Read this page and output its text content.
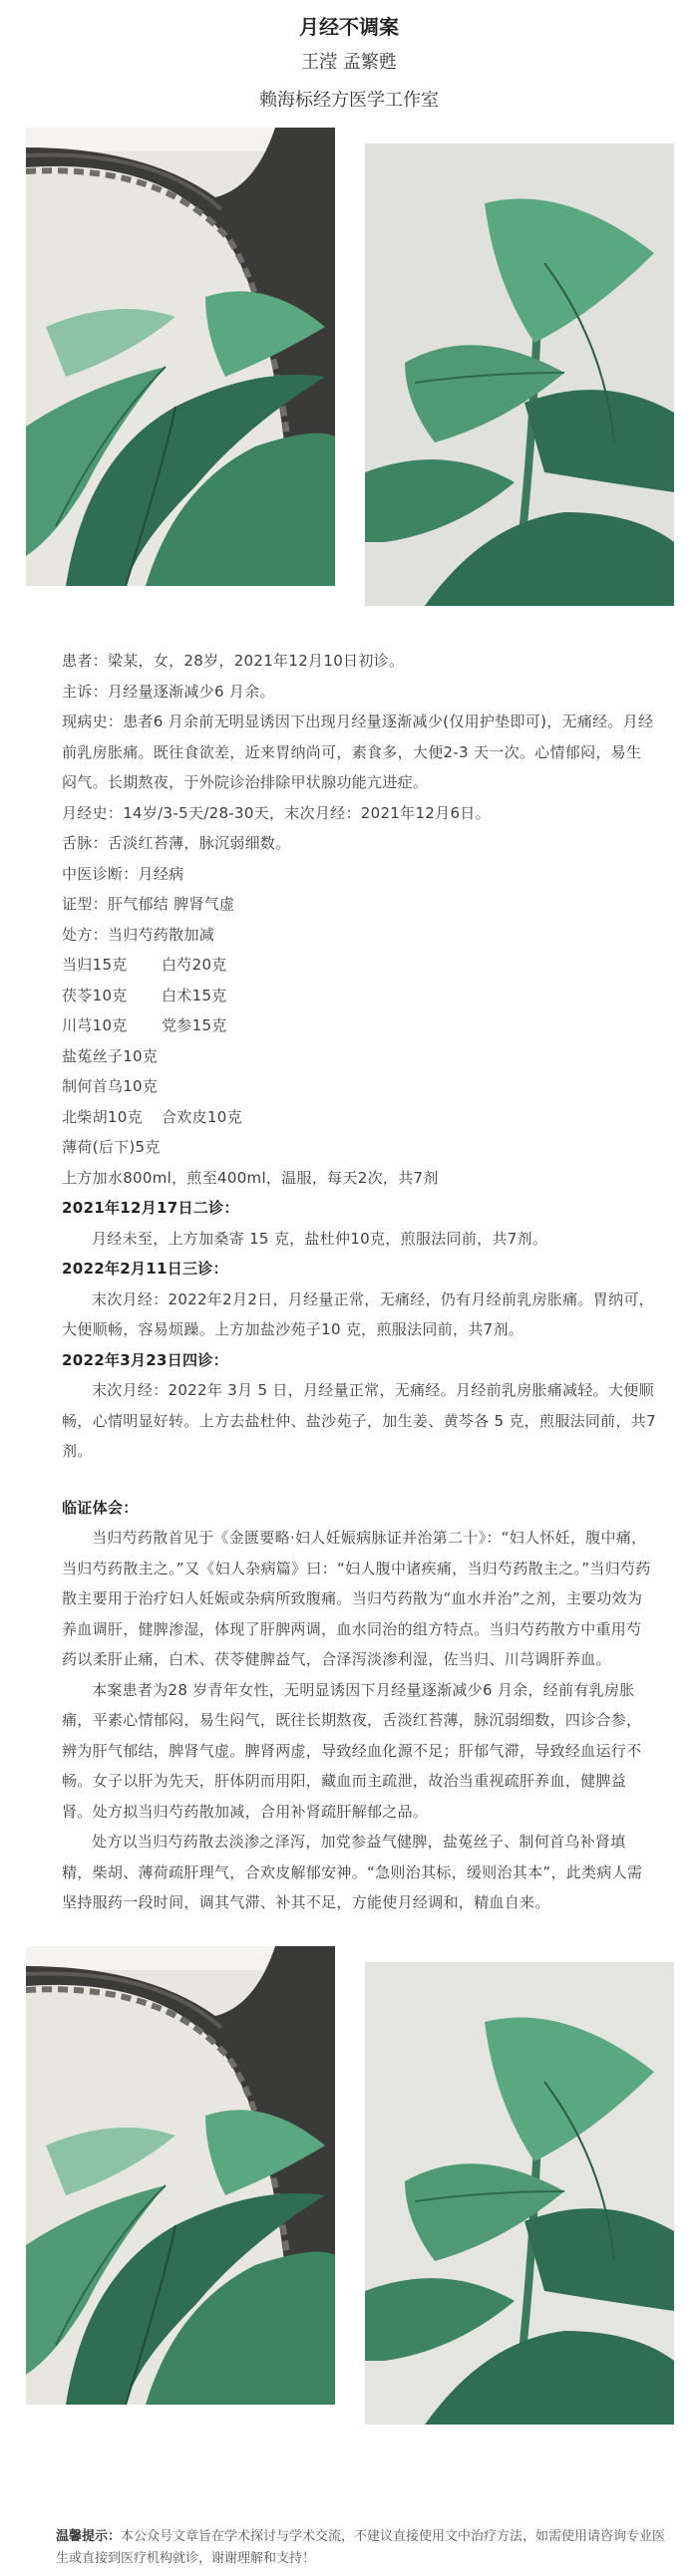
月经不调案
王滢 孟繁甦
赖海标经方医学工作室

患者：梁某，女，28岁，2021年12月10日初诊。

主诉：月经量逐渐减少6 月余。

现病史：患者6 月余前无明显诱因下出现月经量逐渐减少(仅用护垫即可)，无痛经。月经前乳房胀痛。既往食欲差，近来胃纳尚可，素食多，大便2-3 天一次。心情郁闷，易生闷气。长期熬夜，于外院诊治排除甲状腺功能亢进症。

月经史：14岁/3-5天/28-30天，末次月经：2021年12月6日。

舌脉：舌淡红苔薄，脉沉弱细数。

中医诊断：月经病

证型：肝气郁结 脾肾气虚

处方：当归芍药散加减

当归15克 白芍20克

茯苓10克 白术15克

川芎10克 党参15克

盐菟丝子10克

制何首乌10克

北柴胡10克 合欢皮10克

薄荷(后下)5克

上方加水800ml，煎至400ml，温服，每天2次，共7剂

2021年12月17日二诊：

月经未至，上方加桑寄 15 克，盐杜仲10克，煎服法同前，共7剂。

2022年2月11日三诊：

末次月经：2022年2月2日，月经量正常，无痛经，仍有月经前乳房胀痛。胃纳可，大便顺畅，容易烦躁。上方加盐沙苑子10 克，煎服法同前，共7剂。

2022年3月23日四诊：

末次月经：2022年 3月 5 日，月经量正常，无痛经。月经前乳房胀痛减轻。大便顺畅，心情明显好转。上方去盐杜仲、盐沙苑子，加生姜、黄芩各 5 克，煎服法同前，共7剂。

临证体会：

当归芍药散首见于《金匮要略·妇人妊娠病脉证并治第二十》：“妇人怀妊，腹中痛，当归芍药散主之。”又《妇人杂病篇》曰：“妇人腹中诸疾痛，当归芍药散主之。”当归芍药散主要用于治疗妇人妊娠或杂病所致腹痛。当归芍药散为“血水并治”之剂，主要功效为养血调肝，健脾渗湿，体现了肝脾两调，血水同治的组方特点。当归芍药散方中重用芍药以柔肝止痛，白术、茯苓健脾益气，合泽泻淡渗利湿，佐当归、川芎调肝养血。

本案患者为28 岁青年女性，无明显诱因下月经量逐渐减少6 月余，经前有乳房胀痛，平素心情郁闷，易生闷气，既往长期熬夜，舌淡红苔薄，脉沉弱细数，四诊合参，辨为肝气郁结，脾肾气虚。脾肾两虚，导致经血化源不足；肝郁气滞，导致经血运行不畅。女子以肝为先天，肝体阴而用阳，藏血而主疏泄，故治当重视疏肝养血，健脾益肾。处方拟当归芍药散加减，合用补肾疏肝解郁之品。

处方以当归芍药散去淡渗之泽泻，加党参益气健脾，盐菟丝子、制何首乌补肾填精，柴胡、薄荷疏肝理气，合欢皮解郁安神。“急则治其标，缓则治其本”，此类病人需坚持服药一段时间，调其气滞、补其不足，方能使月经调和，精血自来。

温馨提示：本公众号文章旨在学术探讨与学术交流，不建议直接使用文中治疗方法，如需使用请咨询专业医生或直接到医疗机构就诊，谢谢理解和支持！
